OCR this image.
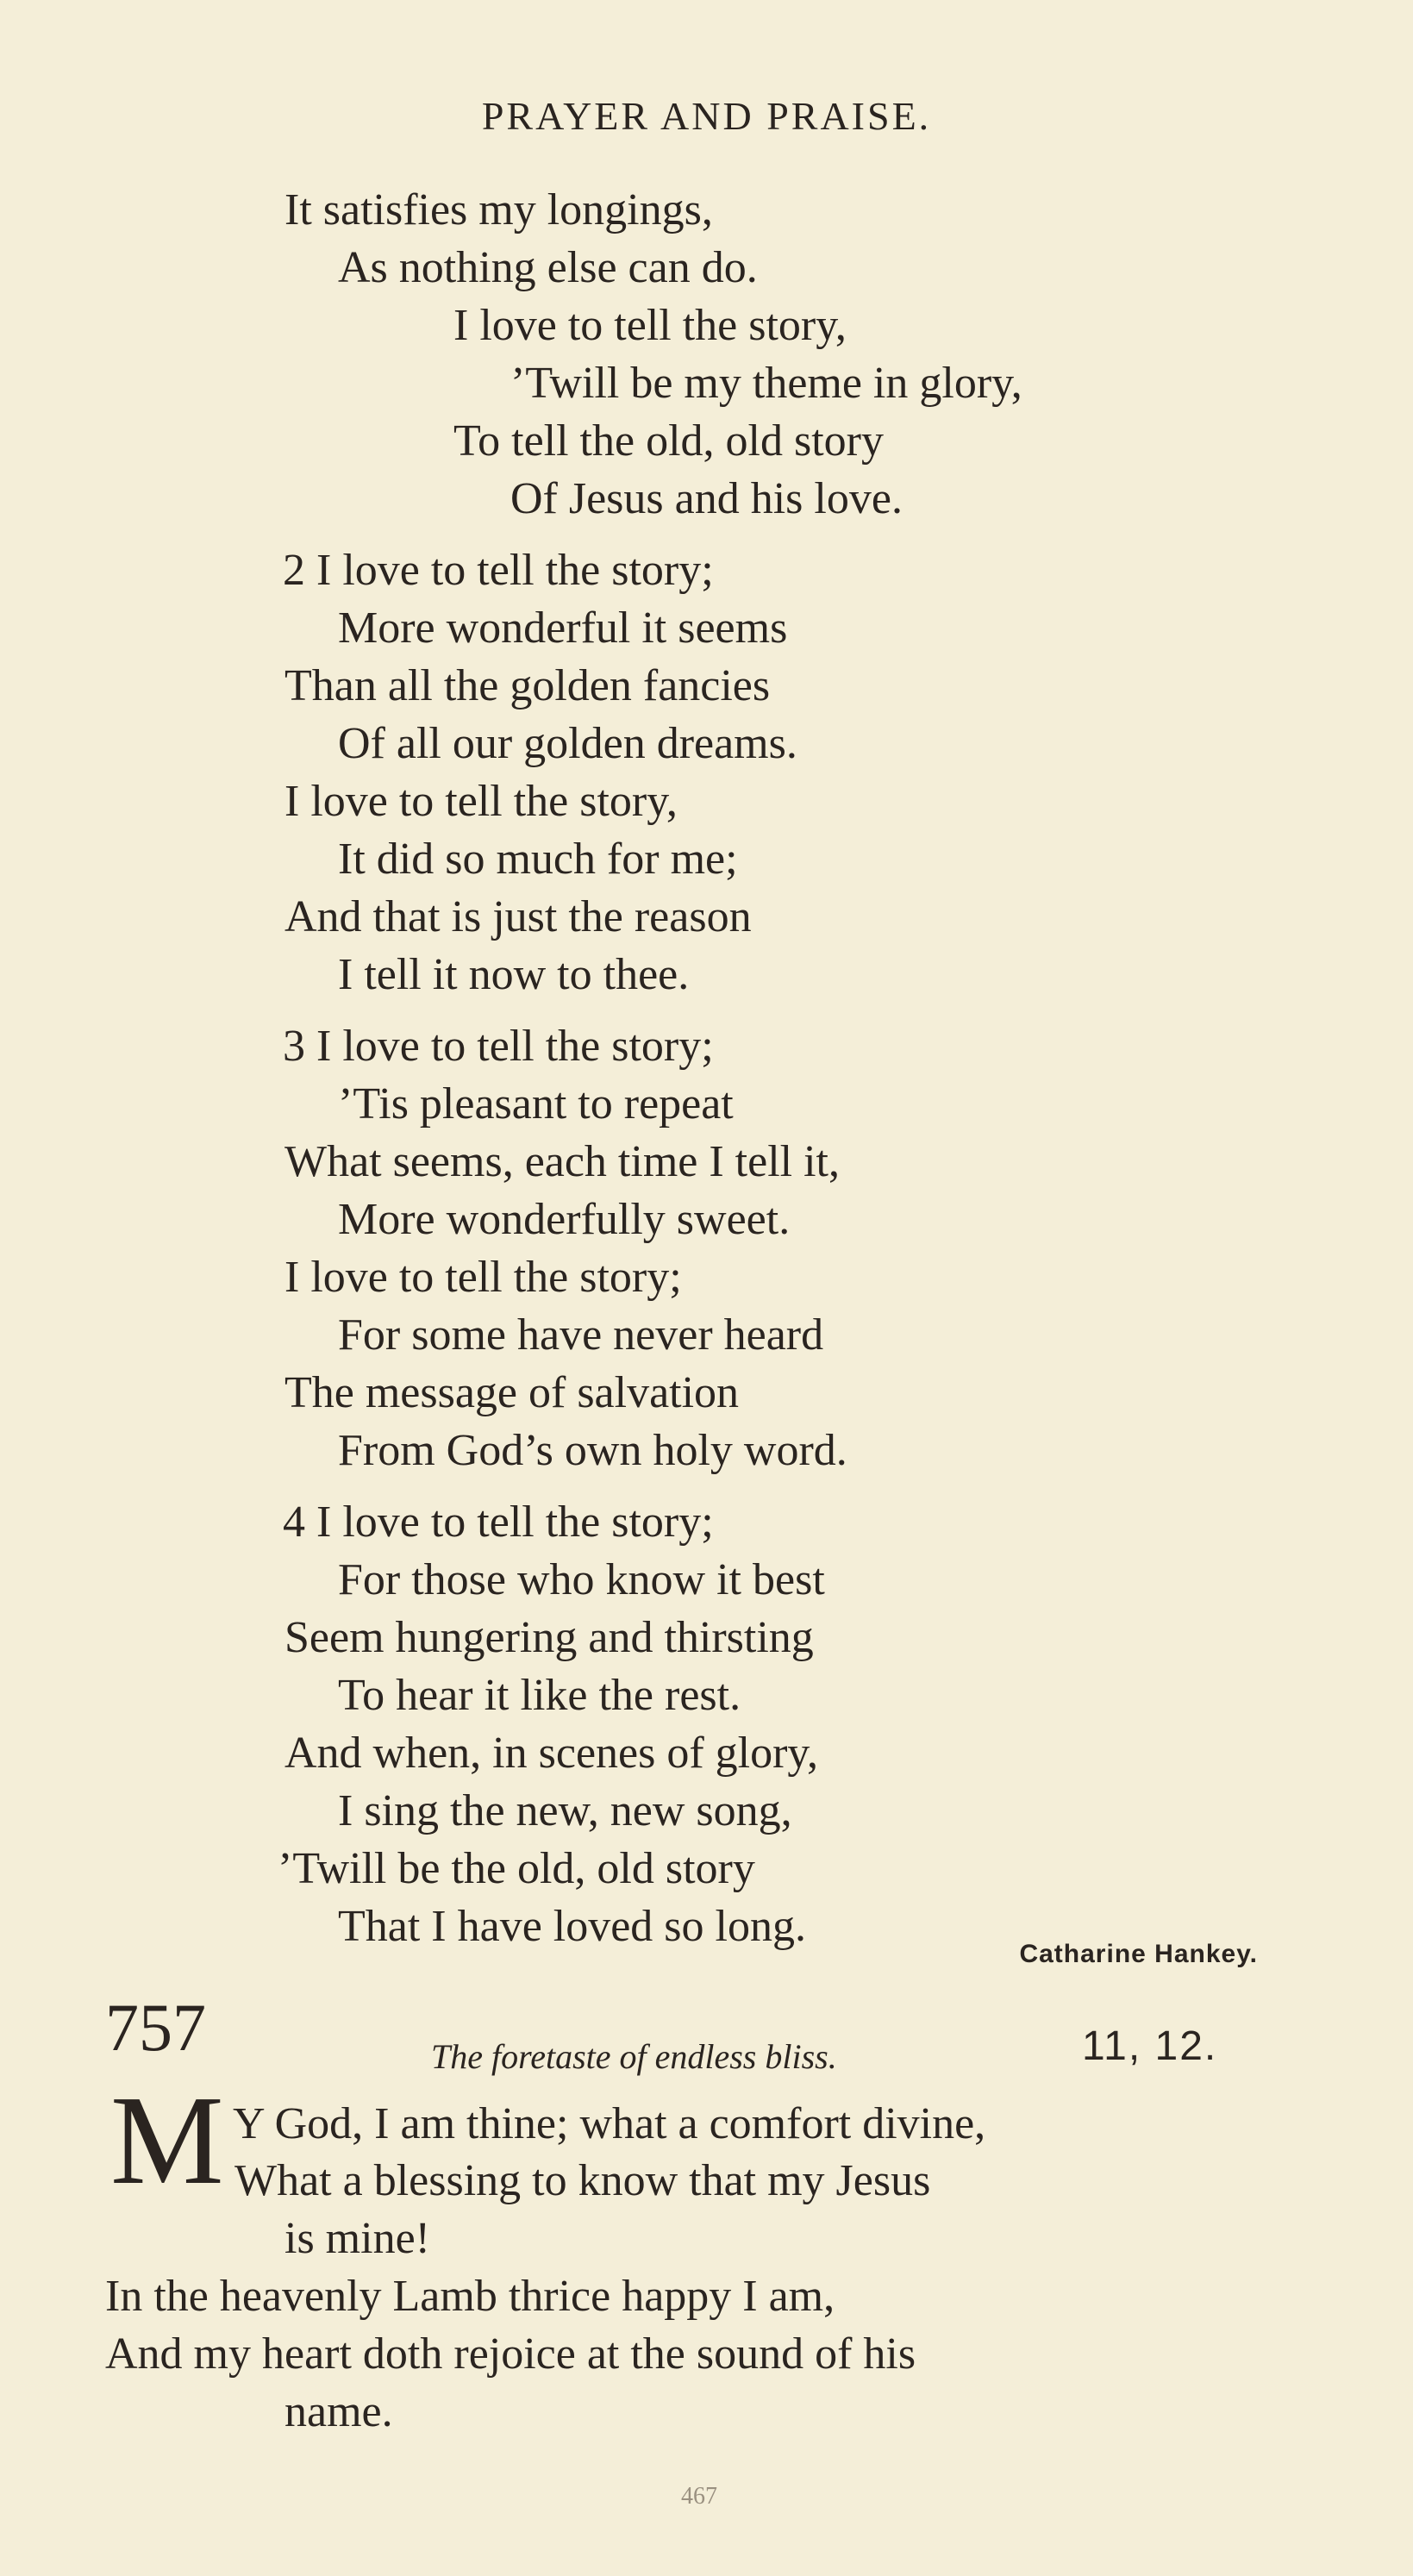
PRAYER AND PRAISE.
It satisfies my longings,
As nothing else can do.
I love to tell the story,
’Twill be my theme in glory,
To tell the old, old story
Of Jesus and his love.
2 I love to tell the story;
More wonderful it seems
Than all the golden fancies
Of all our golden dreams.
I love to tell the story,
It did so much for me;
And that is just the reason
I tell it now to thee.
3 I love to tell the story;
’Tis pleasant to repeat
What seems, each time I tell it,
More wonderfully sweet.
I love to tell the story;
For some have never heard
The message of salvation
From God’s own holy word.
4 I love to tell the story;
For those who know it best
Seem hungering and thirsting
To hear it like the rest.
And when, in scenes of glory,
I sing the new, new song,
’Twill be the old, old story
That I have loved so long.
Catharine Hankey.
757	The foretaste of endless bliss.	11, 12.
M Y God, I am thine; what a comfort divine,
What a blessing to know that my Jesus
is mine!
In the heavenly Lamb thrice happy I am,
And my heart doth rejoice at the sound of his
name.
467
